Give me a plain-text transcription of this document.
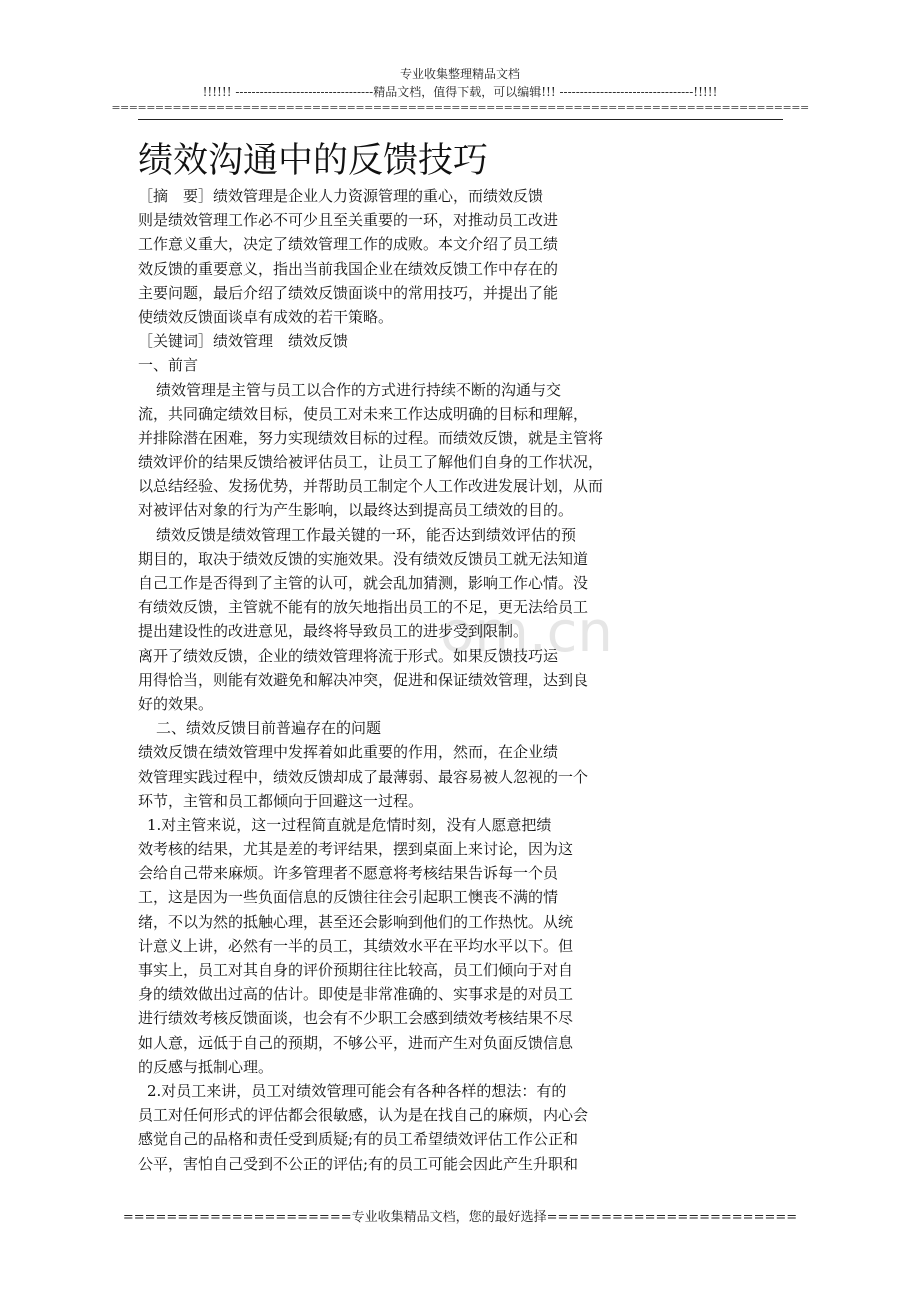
专业收集整理精品文档
!!!!!! ----------------------------------精品文档，值得下载，可以编辑!!! ---------------------------------!!!!!
================================================================================
om.cn
绩效沟通中的反馈技巧
［摘　要］绩效管理是企业人力资源管理的重心，而绩效反馈
则是绩效管理工作必不可少且至关重要的一环，对推动员工改进
工作意义重大，决定了绩效管理工作的成败。本文介绍了员工绩
效反馈的重要意义，指出当前我国企业在绩效反馈工作中存在的
主要问题，最后介绍了绩效反馈面谈中的常用技巧，并提出了能
使绩效反馈面谈卓有成效的若干策略。
［关键词］绩效管理　绩效反馈
一、前言
绩效管理是主管与员工以合作的方式进行持续不断的沟通与交
流，共同确定绩效目标，使员工对未来工作达成明确的目标和理解，
并排除潜在困难，努力实现绩效目标的过程。而绩效反馈，就是主管将
绩效评价的结果反馈给被评估员工，让员工了解他们自身的工作状况，
以总结经验、发扬优势，并帮助员工制定个人工作改进发展计划，从而
对被评估对象的行为产生影响，以最终达到提高员工绩效的目的。
绩效反馈是绩效管理工作最关键的一环，能否达到绩效评估的预
期目的，取决于绩效反馈的实施效果。没有绩效反馈员工就无法知道
自己工作是否得到了主管的认可，就会乱加猜测，影响工作心情。没
有绩效反馈，主管就不能有的放矢地指出员工的不足，更无法给员工
提出建设性的改进意见，最终将导致员工的进步受到限制。
离开了绩效反馈，企业的绩效管理将流于形式。如果反馈技巧运
用得恰当，则能有效避免和解决冲突，促进和保证绩效管理，达到良
好的效果。
二、绩效反馈目前普遍存在的问题
绩效反馈在绩效管理中发挥着如此重要的作用，然而，在企业绩
效管理实践过程中，绩效反馈却成了最薄弱、最容易被人忽视的一个
环节，主管和员工都倾向于回避这一过程。
1.对主管来说，这一过程简直就是危情时刻，没有人愿意把绩
效考核的结果，尤其是差的考评结果，摆到桌面上来讨论，因为这
会给自己带来麻烦。许多管理者不愿意将考核结果告诉每一个员
工，这是因为一些负面信息的反馈往往会引起职工懊丧不满的情
绪，不以为然的抵触心理，甚至还会影响到他们的工作热忱。从统
计意义上讲，必然有一半的员工，其绩效水平在平均水平以下。但
事实上，员工对其自身的评价预期往往比较高，员工们倾向于对自
身的绩效做出过高的估计。即使是非常准确的、实事求是的对员工
进行绩效考核反馈面谈，也会有不少职工会感到绩效考核结果不尽
如人意，远低于自己的预期，不够公平，进而产生对负面反馈信息
的反感与抵制心理。
2.对员工来讲，员工对绩效管理可能会有各种各样的想法：有的
员工对任何形式的评估都会很敏感，认为是在找自己的麻烦，内心会
感觉自己的品格和责任受到质疑;有的员工希望绩效评估工作公正和
公平，害怕自己受到不公正的评估;有的员工可能会因此产生升职和
=====================专业收集精品文档，您的最好选择=======================
